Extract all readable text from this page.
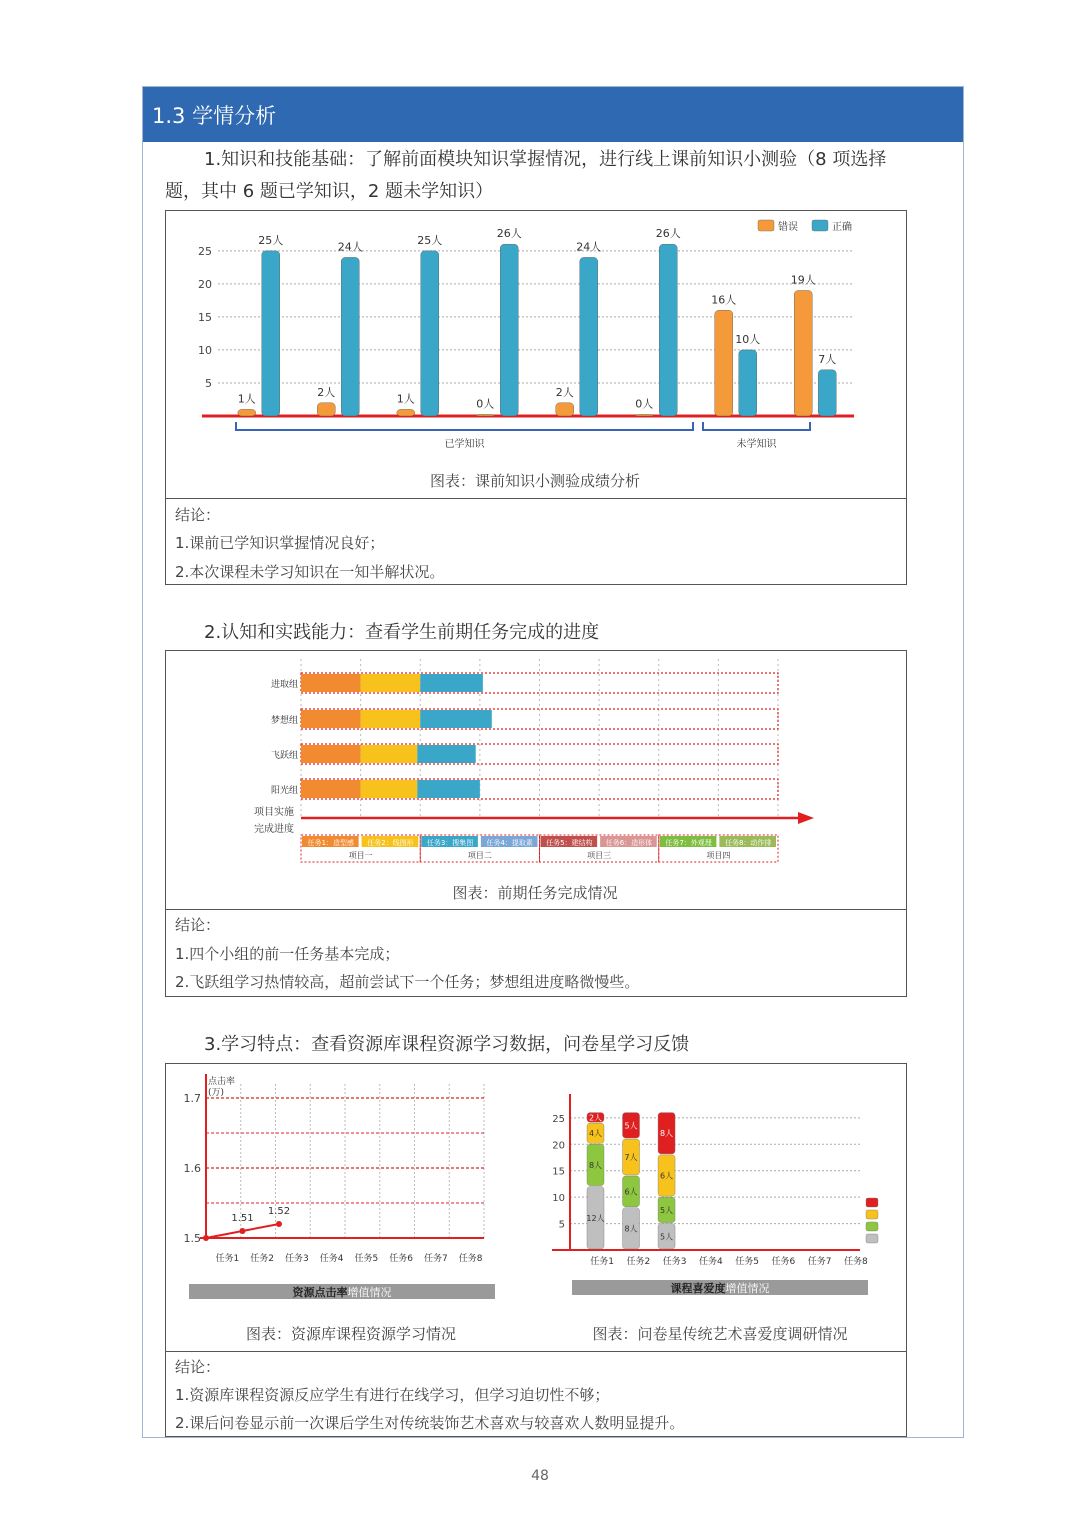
1.3 学情分析
1.知识和技能基础：了解前面模块知识掌握情况，进行线上课前知识小测验（8 项选择
题，其中 6 题已学知识，2 题未学知识）
5
10
15
20
25
1人
25人
2人
24人
1人
25人
0人
26人
2人
24人
0人
26人
16人
10人
19人
7人
已学知识	未学知识
错误	正确
图表：课前知识小测验成绩分析
结论：
1.课前已学知识掌握情况良好；
2.本次课程未学习知识在一知半解状况。
2.认知和实践能力：查看学生前期任务完成的进度
进取组
梦想组
飞跃组
阳光组
项目实施
完成进度
任务1：造型感 任务2：线图形 任务3：搜集图 任务4：提取素 任务5：建结构 任务6：造形体 任务7：外观理 任务8：动作排
项目一	项目二	项目三	项目四
图表：前期任务完成情况
结论：
1.四个小组的前一任务基本完成；
2.飞跃组学习热情较高，超前尝试下一个任务；梦想组进度略微慢些。
3.学习特点：查看资源库课程资源学习数据，问卷星学习反馈
任务1 任务2 任务3 任务4 任务5 任务6 任务7 任务8
1.5
1.6
1.7
点击率
(万)
1.51
1.52
资源点击率增值情况
5
10
15
20
25
任务1 任务2 任务3 任务4 任务5 任务6 任务7 任务8
12人
8人
4人
2人
8人
6人
7人
5人
5人
5人
6人
8人
课程喜爱度增值情况
图表：资源库课程资源学习情况	图表：问卷星传统艺术喜爱度调研情况
结论：
1.资源库课程资源反应学生有进行在线学习，但学习迫切性不够；
2.课后问卷显示前一次课后学生对传统装饰艺术喜欢与较喜欢人数明显提升。
48
